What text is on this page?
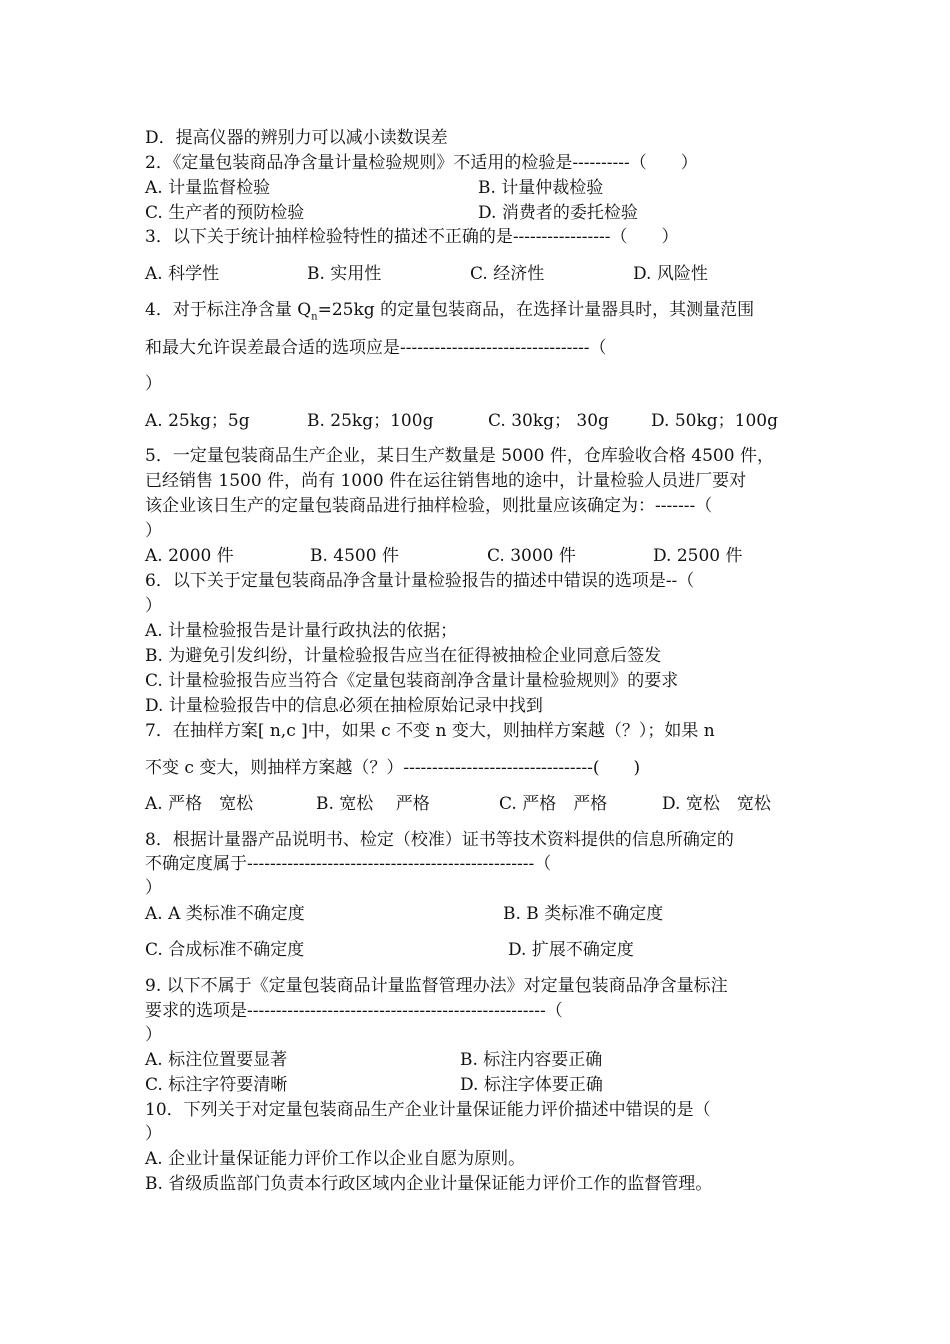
D．提高仪器的辨别力可以减小读数误差
2．《定量包装商品净含量计量检验规则》不适用的检验是----------（　　）
A. 计量监督检验	B. 计量仲裁检验
C. 生产者的预防检验	D. 消费者的委托检验
3．以下关于统计抽样检验特性的描述不正确的是-----------------（　　）
A. 科学性	B. 实用性	C. 经济性	D. 风险性
4．对于标注净含量 $Q_n=25kg$ 的定量包装商品，在选择计量器具时，其测量范围
和最大允许误差最合适的选项应是---------------------------------（
）
A. 25kg；5g	B. 25kg；100g	C. 30kg； 30g D. 50kg；100g
5．一定量包装商品生产企业，某日生产数量是 5000 件，仓库验收合格 4500 件，
已经销售 1500 件，尚有 1000 件在运往销售地的途中，计量检验人员进厂要对
该企业该日生产的定量包装商品进行抽样检验，则批量应该确定为：-------（
）
A. 2000 件	B. 4500 件	C. 3000 件	D. 2500 件
6．以下关于定量包装商品净含量计量检验报告的描述中错误的选项是--（
）
A. 计量检验报告是计量行政执法的依据；
B. 为避免引发纠纷，计量检验报告应当在征得被抽检企业同意后签发
C. 计量检验报告应当符合《定量包装商剖净含量计量检验规则》的要求
D. 计量检验报告中的信息必须在抽检原始记录中找到
7．在抽样方案[ n,c ]中，如果 c 不变 n 变大，则抽样方案越（？）；如果 n
不变 c 变大，则抽样方案越（？）---------------------------------(　　)
A. 严格　宽松	B. 宽松　 严格	C. 严格　严格	D. 宽松　宽松
8．根据计量器产品说明书、检定（校准）证书等技术资料提供的信息所确定的
不确定度属于--------------------------------------------------（
）
A. A 类标准不确定度	B. B 类标准不确定度
C. 合成标准不确定度	D. 扩展不确定度
9. 以下不属于《定量包装商品计量监督管理办法》对定量包装商品净含量标注
要求的选项是----------------------------------------------------（
）
A. 标注位置要显著	B. 标注内容要正确
C. 标注字符要清晰	D. 标注字体要正确
10．下列关于对定量包装商品生产企业计量保证能力评价描述中错误的是（
）
A. 企业计量保证能力评价工作以企业自愿为原则。
B. 省级质监部门负责本行政区域内企业计量保证能力评价工作的监督管理。
